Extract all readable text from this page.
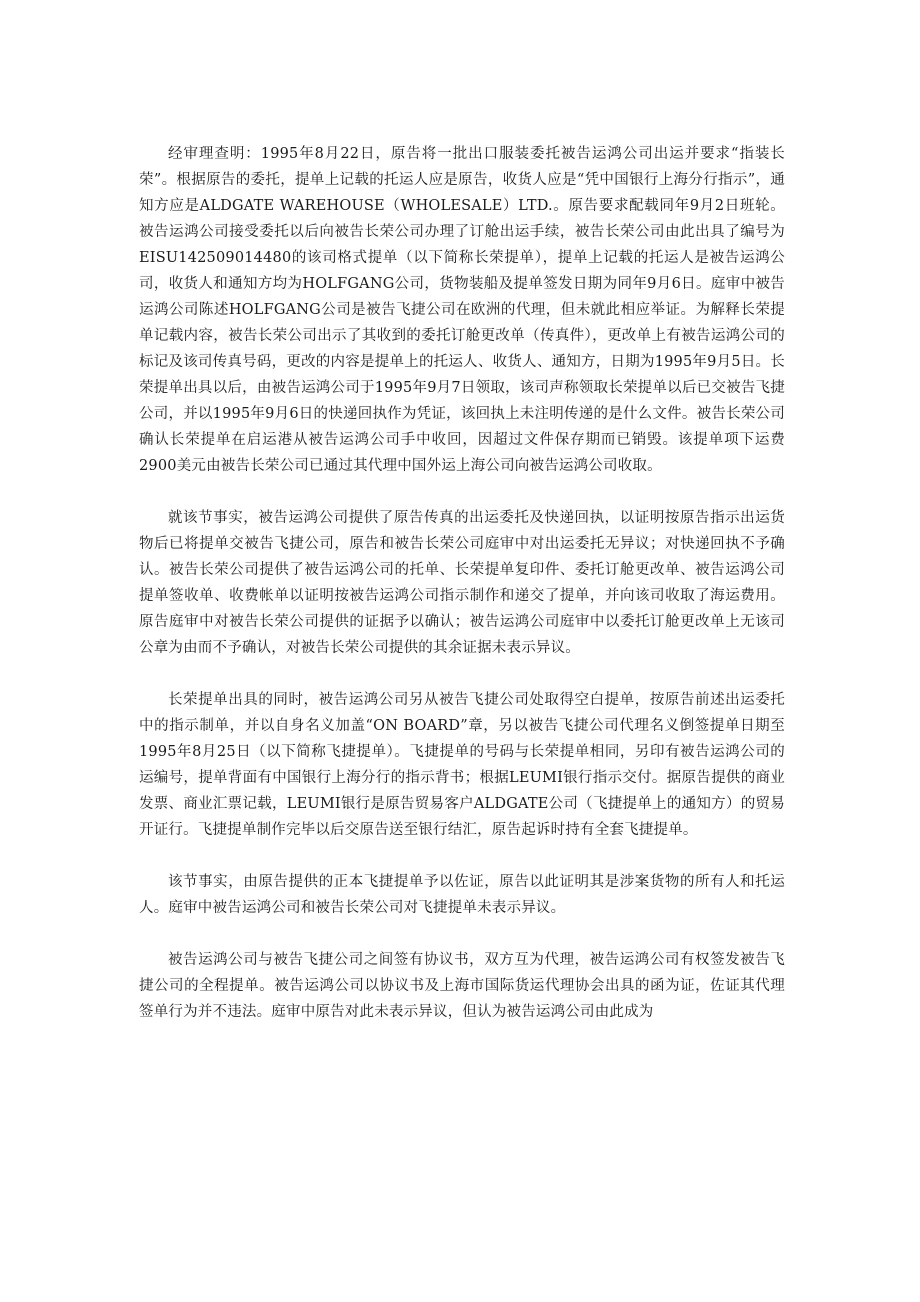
经审理查明：1995年8月22日，原告将一批出口服装委托被告运鸿公司出运并要求“指装长荣”。根据原告的委托，提单上记载的托运人应是原告，收货人应是“凭中国银行上海分行指示”，通知方应是ALDGATE WAREHOUSE（WHOLESALE）LTD.。原告要求配载同年9月2日班轮。被告运鸿公司接受委托以后向被告长荣公司办理了订舱出运手续，被告长荣公司由此出具了编号为EISU142509014480的该司格式提单（以下简称长荣提单），提单上记载的托运人是被告运鸿公司，收货人和通知方均为HOLFGANG公司，货物装船及提单签发日期为同年9月6日。庭审中被告运鸿公司陈述HOLFGANG公司是被告飞捷公司在欧洲的代理，但未就此相应举证。为解释长荣提单记载内容，被告长荣公司出示了其收到的委托订舱更改单（传真件），更改单上有被告运鸿公司的标记及该司传真号码，更改的内容是提单上的托运人、收货人、通知方，日期为1995年9月5日。长荣提单出具以后，由被告运鸿公司于1995年9月7日领取，该司声称领取长荣提单以后已交被告飞捷公司，并以1995年9月6日的快递回执作为凭证，该回执上未注明传递的是什么文件。被告长荣公司确认长荣提单在启运港从被告运鸿公司手中收回，因超过文件保存期而已销毁。该提单项下运费2900美元由被告长荣公司已通过其代理中国外运上海公司向被告运鸿公司收取。

就该节事实，被告运鸿公司提供了原告传真的出运委托及快递回执，以证明按原告指示出运货物后已将提单交被告飞捷公司，原告和被告长荣公司庭审中对出运委托无异议；对快递回执不予确认。被告长荣公司提供了被告运鸿公司的托单、长荣提单复印件、委托订舱更改单、被告运鸿公司提单签收单、收费帐单以证明按被告运鸿公司指示制作和递交了提单，并向该司收取了海运费用。原告庭审中对被告长荣公司提供的证据予以确认；被告运鸿公司庭审中以委托订舱更改单上无该司公章为由而不予确认，对被告长荣公司提供的其余证据未表示异议。

长荣提单出具的同时，被告运鸿公司另从被告飞捷公司处取得空白提单，按原告前述出运委托中的指示制单，并以自身名义加盖“ON BOARD”章，另以被告飞捷公司代理名义倒签提单日期至1995年8月25日（以下简称飞捷提单）。飞捷提单的号码与长荣提单相同，另印有被告运鸿公司的运编号，提单背面有中国银行上海分行的指示背书；根据LEUMI银行指示交付。据原告提供的商业发票、商业汇票记载，LEUMI银行是原告贸易客户ALDGATE公司（飞捷提单上的通知方）的贸易开证行。飞捷提单制作完毕以后交原告送至银行结汇，原告起诉时持有全套飞捷提单。

该节事实，由原告提供的正本飞捷提单予以佐证，原告以此证明其是涉案货物的所有人和托运人。庭审中被告运鸿公司和被告长荣公司对飞捷提单未表示异议。

被告运鸿公司与被告飞捷公司之间签有协议书，双方互为代理，被告运鸿公司有权签发被告飞捷公司的全程提单。被告运鸿公司以协议书及上海市国际货运代理协会出具的函为证，佐证其代理签单行为并不违法。庭审中原告对此未表示异议，但认为被告运鸿公司由此成为
